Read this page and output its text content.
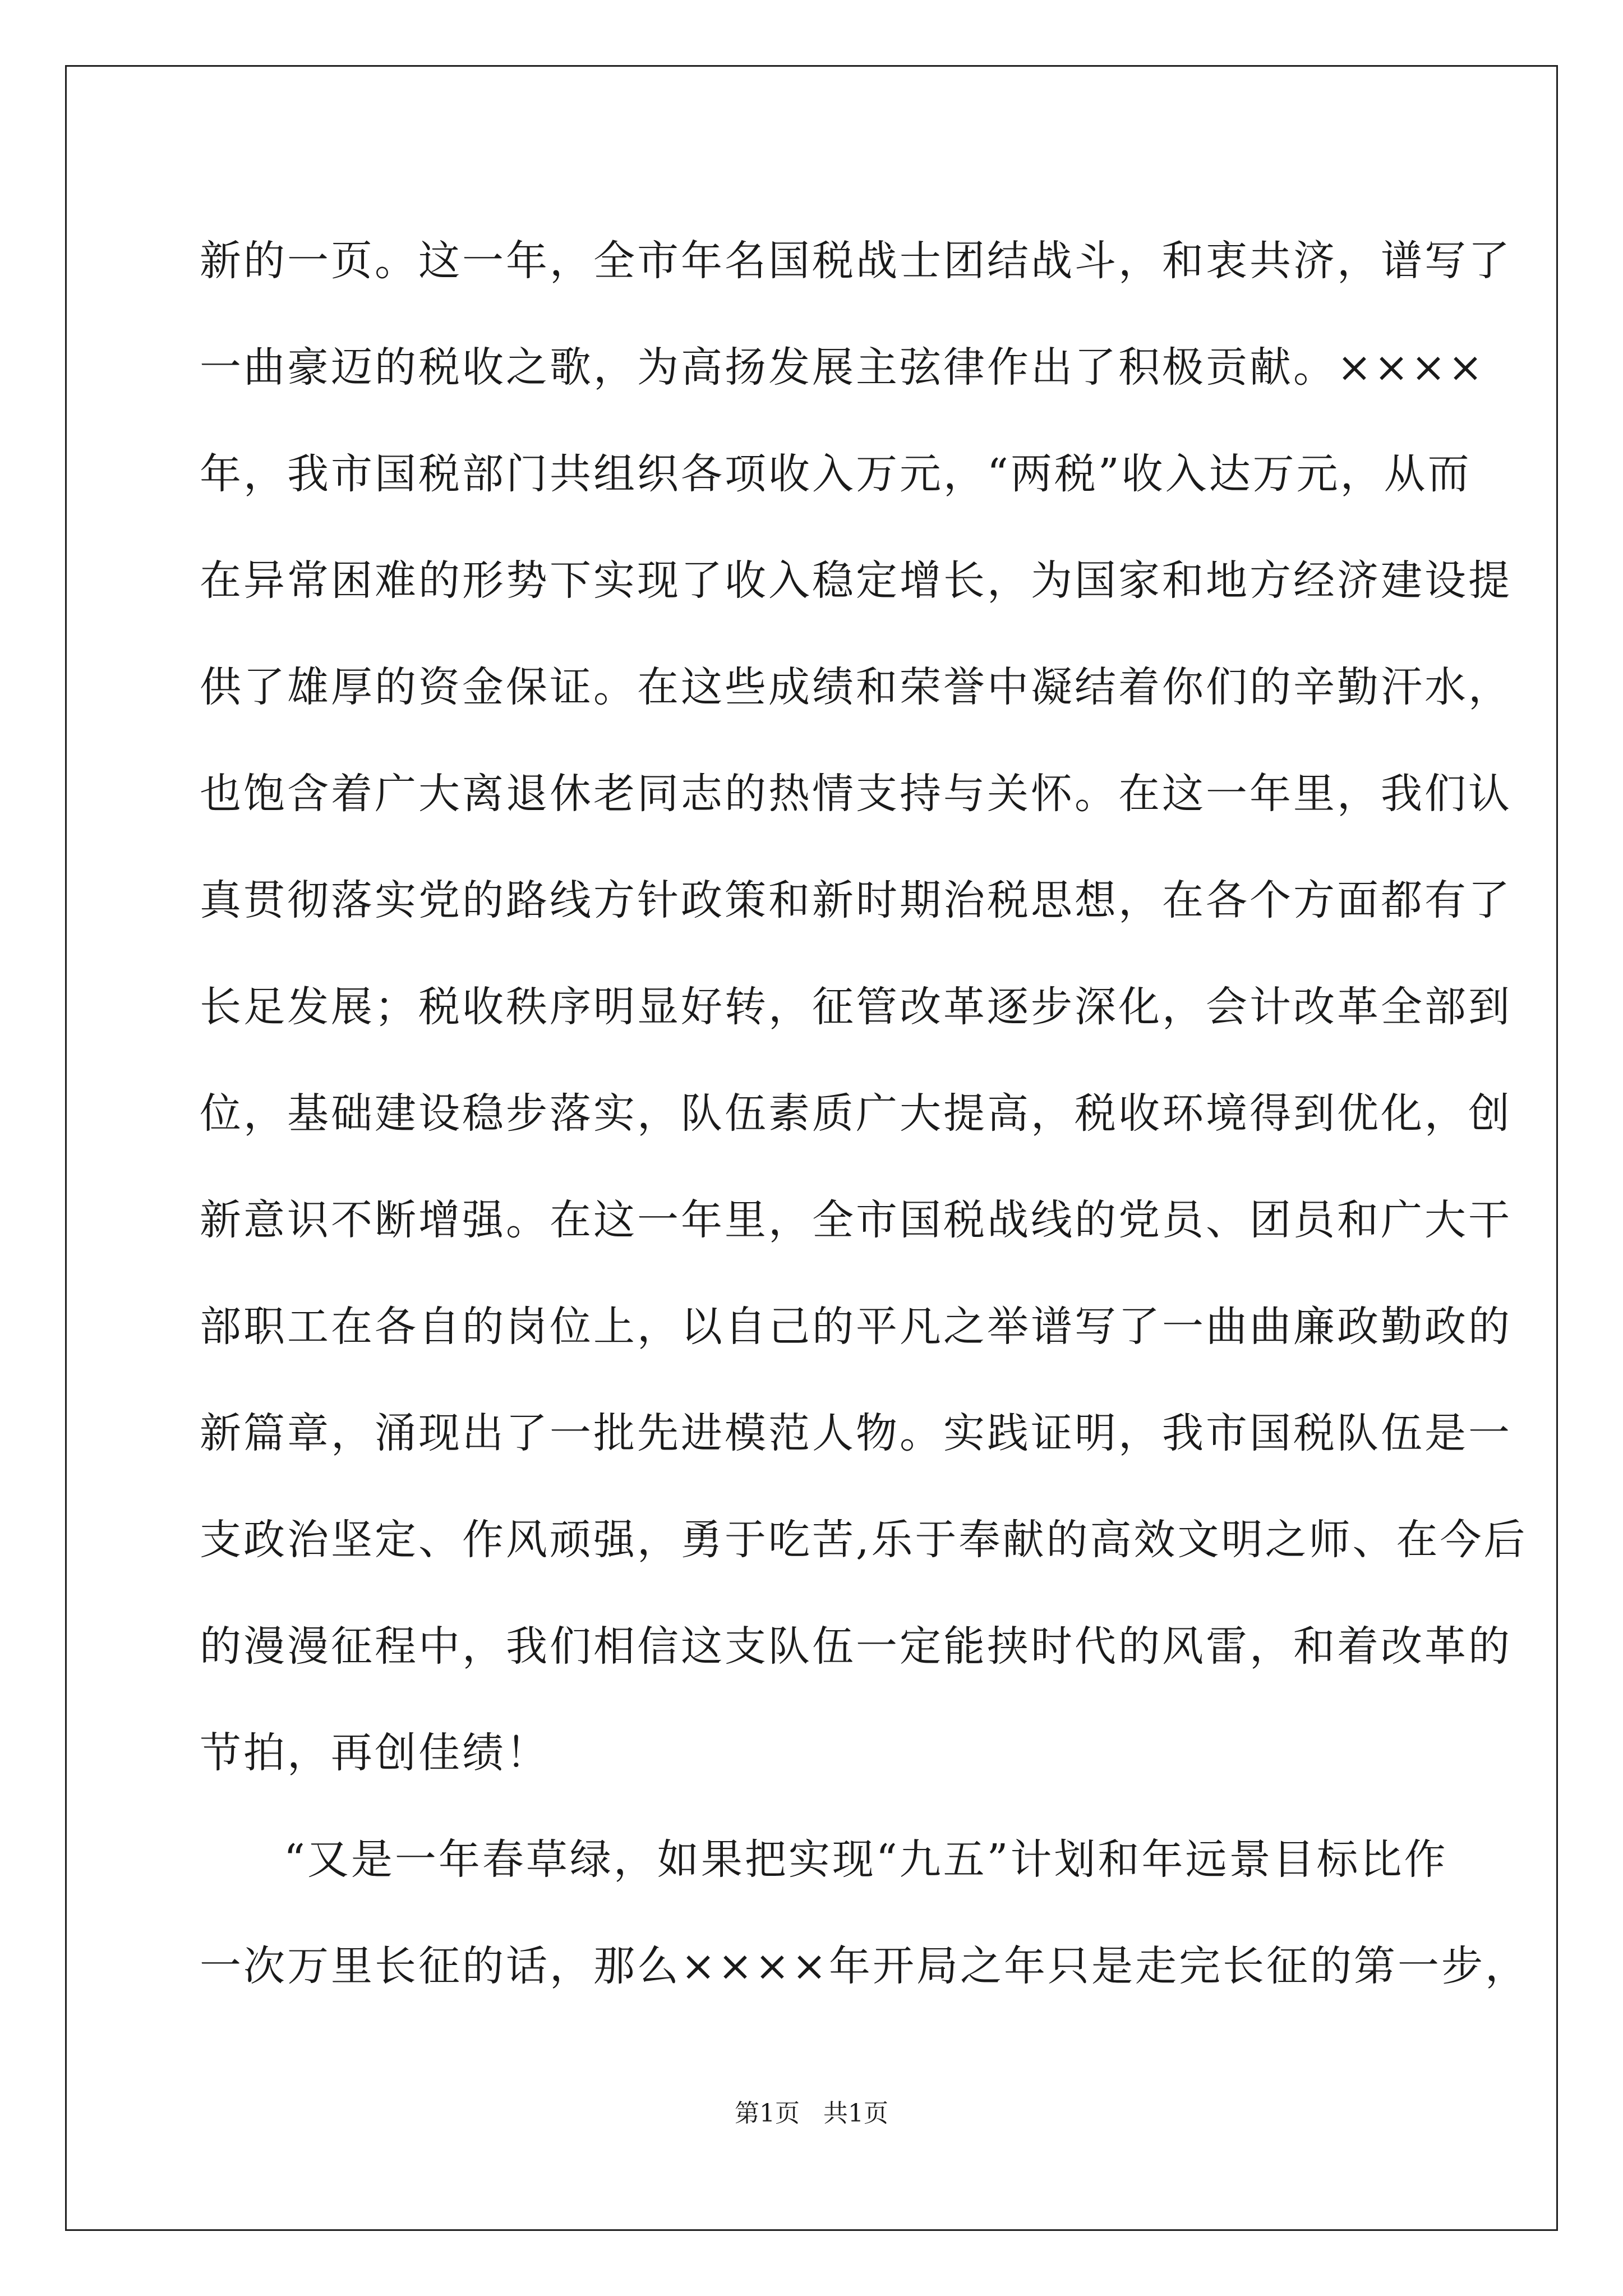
新的一页。这一年，全市年名国税战士团结战斗，和衷共济，谱写了
一曲豪迈的税收之歌，为高扬发展主弦律作出了积极贡献。××××
年，我市国税部门共组织各项收入万元，“两税”收入达万元，从而
在异常困难的形势下实现了收入稳定增长，为国家和地方经济建设提
供了雄厚的资金保证。在这些成绩和荣誉中凝结着你们的辛勤汗水，
也饱含着广大离退休老同志的热情支持与关怀。在这一年里，我们认
真贯彻落实党的路线方针政策和新时期治税思想，在各个方面都有了
长足发展；税收秩序明显好转，征管改革逐步深化，会计改革全部到
位，基础建设稳步落实，队伍素质广大提高，税收环境得到优化，创
新意识不断增强。在这一年里，全市国税战线的党员、团员和广大干
部职工在各自的岗位上，以自己的平凡之举谱写了一曲曲廉政勤政的
新篇章，涌现出了一批先进模范人物。实践证明，我市国税队伍是一
支政治坚定、作风顽强，勇于吃苦,乐于奉献的高效文明之师、在今后
的漫漫征程中，我们相信这支队伍一定能挟时代的风雷，和着改革的
节拍，再创佳绩！
“又是一年春草绿，如果把实现“九五”计划和年远景目标比作
一次万里长征的话，那么××××年开局之年只是走完长征的第一步，
第1页   共1页
